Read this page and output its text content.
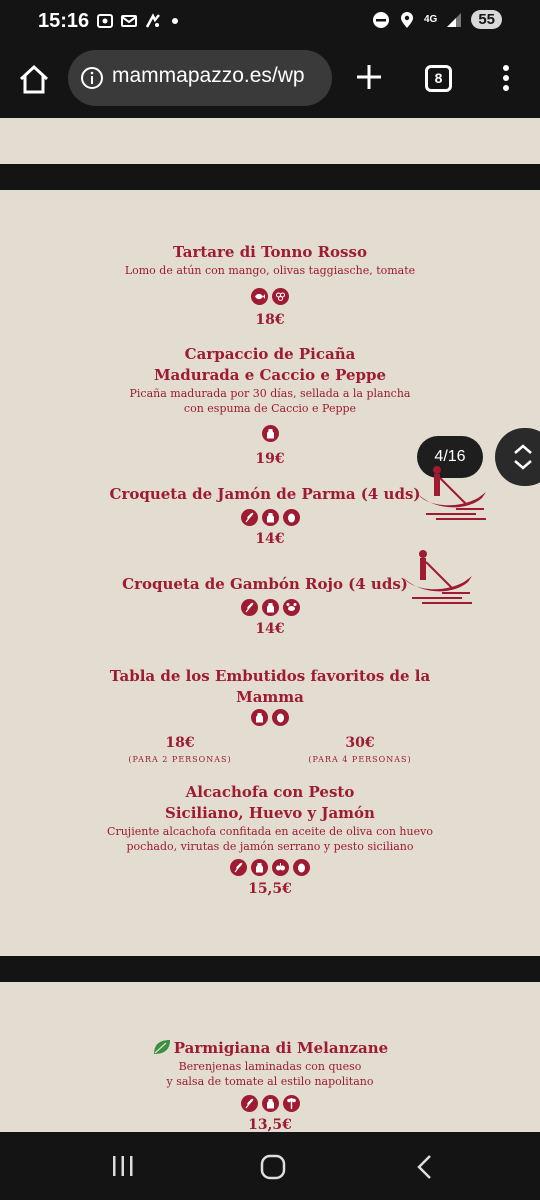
15:16	4G	55
mammapazzo.es/wp	8
Tartare di Tonno Rosso
Lomo de atún con mango, olivas taggiasche, tomate
18€
Carpaccio de Picaña
Madurada e Caccio e Peppe
Picaña madurada por 30 días, sellada a la plancha
con espuma de Caccio e Peppe
19€	4/16
Croqueta de Jamón de Parma (4 uds)
14€
Croqueta de Gambón Rojo (4 uds)
14€
Tabla de los Embutidos favoritos de la
Mamma
18€
(PARA 2 PERSONAS)
30€
(PARA 4 PERSONAS)
Alcachofa con Pesto
Siciliano, Huevo y Jamón
Crujiente alcachofa confitada en aceite de oliva con huevo
pochado, virutas de jamón serrano y pesto siciliano
15,5€
Parmigiana di Melanzane
Berenjenas laminadas con queso
y salsa de tomate al estilo napolitano
13,5€
